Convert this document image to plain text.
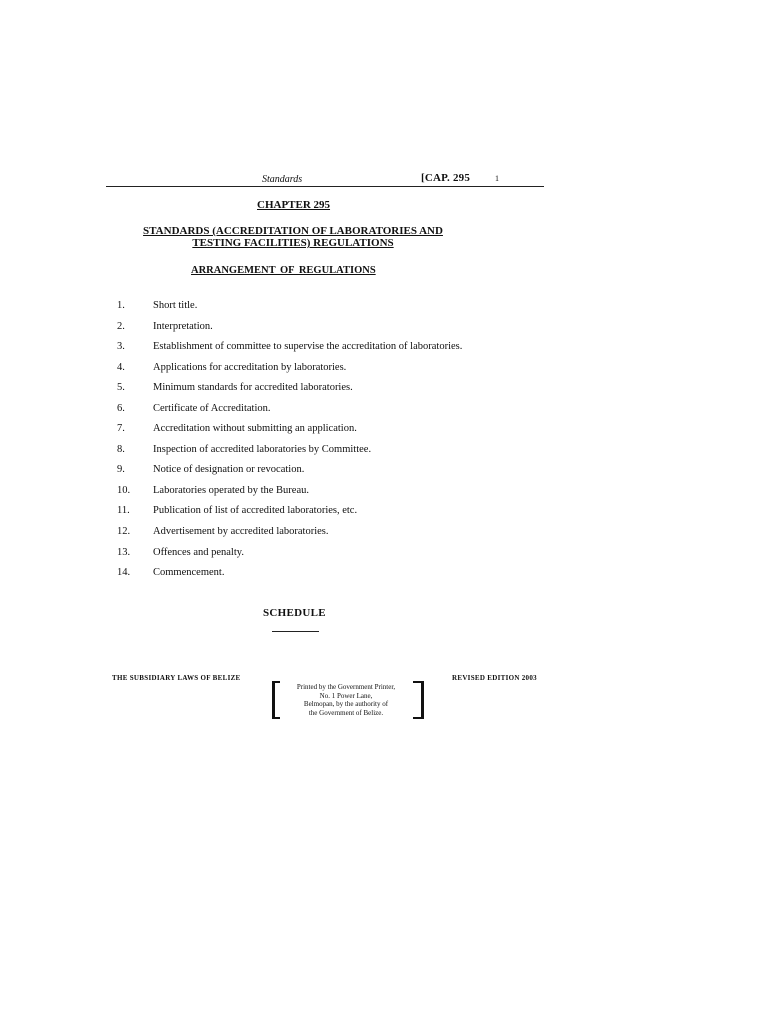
Standards	[CAP. 295	1
CHAPTER 295
STANDARDS (ACCREDITATION OF LABORATORIES AND
TESTING FACILITIES) REGULATIONS
ARRANGEMENT OF REGULATIONS
1.	Short title.
2.	Interpretation.
3.	Establishment of committee to supervise the accreditation of laboratories.
4.	Applications for accreditation by laboratories.
5.	Minimum standards for accredited laboratories.
6.	Certificate of Accreditation.
7.	Accreditation without submitting an application.
8.	Inspection of accredited laboratories by Committee.
9.	Notice of designation or revocation.
10.	Laboratories operated by the Bureau.
11.	Publication of list of accredited laboratories, etc.
12.	Advertisement by accredited laboratories.
13.	Offences and penalty.
14.	Commencement.
SCHEDULE
THE SUBSIDIARY LAWS OF BELIZE	REVISED EDITION 2003
Printed by the Government Printer,
No. 1 Power Lane,
Belmopan, by the authority of
the Government of Belize.
